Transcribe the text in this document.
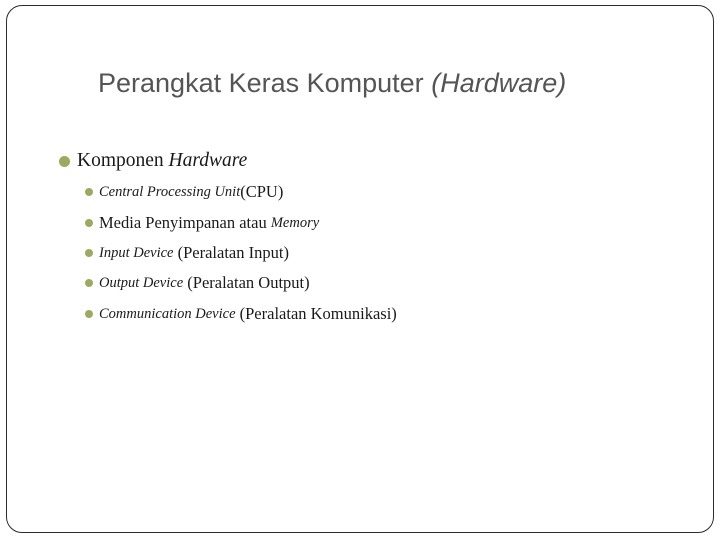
Perangkat Keras Komputer (Hardware)
Komponen
Hardware
Central Processing Unit (CPU)
Media Penyimpanan atau
Memory
Input Device
(Peralatan Input)
Output Device
(Peralatan Output)
Communication Device
(Peralatan Komunikasi)
